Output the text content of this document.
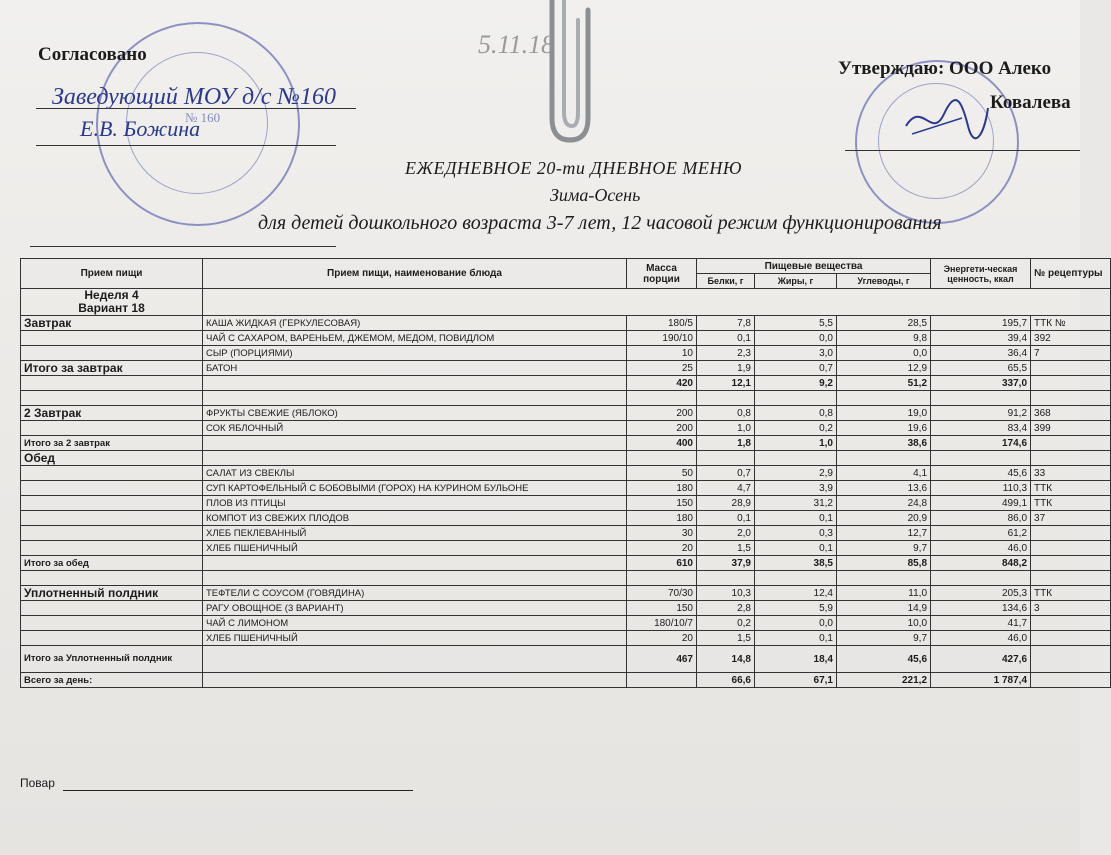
№ 160
Согласовано
Заведующий МОУ д/с №160
Е.В. Божина
5.11.18
Утверждаю: ООО Алеко
Ковалева
ЕЖЕДНЕВНОЕ 20-ти ДНЕВНОЕ МЕНЮ
Зима-Осень
для детей дошкольного возраста 3-7 лет, 12 часовой режим функционирования
Прием пищи	Прием пищи, наименование блюда	Масса порции	Пищевые вещества			Энергети-ческая ценность, ккал	№ рецептуры
			Белки, г	Жиры, г	Углеводы, г		

Неделя 4
Вариант 18							

Завтрак	КАША ЖИДКАЯ (ГЕРКУЛЕСОВАЯ)	180/5	7,8	5,5	28,5	195,7	ТТК №
	ЧАЙ С САХАРОМ, ВАРЕНЬЕМ, ДЖЕМОМ, МЕДОМ, ПОВИДЛОМ	190/10	0,1	0,0	9,8	39,4	392
	СЫР (ПОРЦИЯМИ)	10	2,3	3,0	0,0	36,4	7
Итого за завтрак	БАТОН	25	1,9	0,7	12,9	65,5	
		420	12,1	9,2	51,2	337,0	

2 Завтрак	ФРУКТЫ СВЕЖИЕ (ЯБЛОКО)	200	0,8	0,8	19,0	91,2	368
	СОК ЯБЛОЧНЫЙ	200	1,0	0,2	19,6	83,4	399
Итого за 2 завтрак		400	1,8	1,0	38,6	174,6	
Обед							
	САЛАТ ИЗ СВЕКЛЫ	50	0,7	2,9	4,1	45,6	33
	СУП КАРТОФЕЛЬНЫЙ С БОБОВЫМИ (ГОРОХ) НА КУРИНОМ БУЛЬОНЕ	180	4,7	3,9	13,6	110,3	ТТК
	ПЛОВ ИЗ ПТИЦЫ	150	28,9	31,2	24,8	499,1	ТТК
	КОМПОТ ИЗ СВЕЖИХ ПЛОДОВ	180	0,1	0,1	20,9	86,0	37
	ХЛЕБ ПЕКЛЕВАННЫЙ	30	2,0	0,3	12,7	61,2	
	ХЛЕБ ПШЕНИЧНЫЙ	20	1,5	0,1	9,7	46,0	
Итого за обед		610	37,9	38,5	85,8	848,2	

Уплотненный полдник	ТЕФТЕЛИ С СОУСОМ (ГОВЯДИНА)	70/30	10,3	12,4	11,0	205,3	ТТК
	РАГУ ОВОЩНОЕ (3 ВАРИАНТ)	150	2,8	5,9	14,9	134,6	3
	ЧАЙ С ЛИМОНОМ	180/10/7	0,2	0,0	10,0	41,7	
	ХЛЕБ ПШЕНИЧНЫЙ	20	1,5	0,1	9,7	46,0	
Итого за Уплотненный полдник		467	14,8	18,4	45,6	427,6	
Всего за день:			66,6	67,1	221,2	1 787,4	
Повар
